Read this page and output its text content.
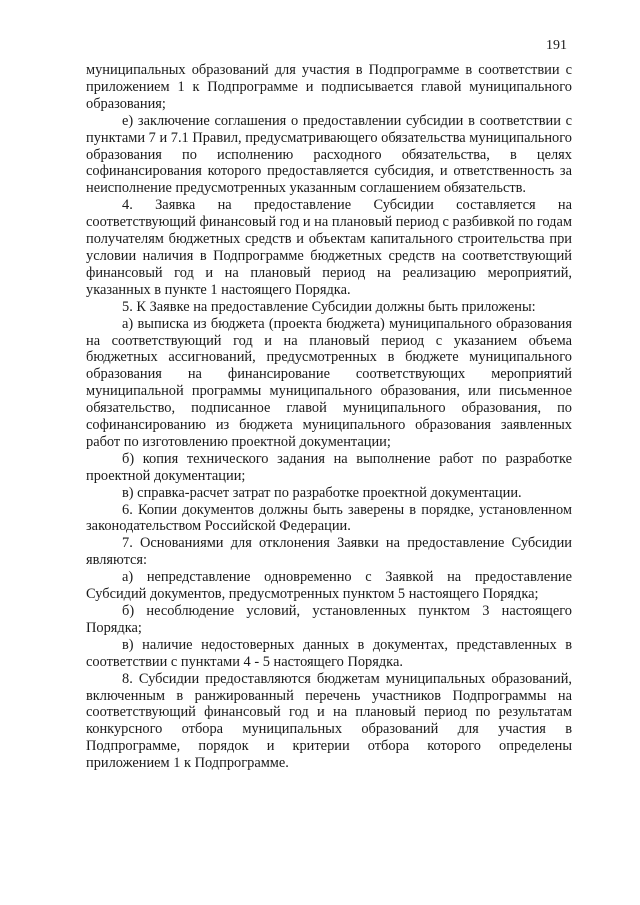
191

муниципальных образований для участия в Подпрограмме в соответствии с приложением 1 к Подпрограмме и подписывается главой муниципального образования;

е) заключение соглашения о предоставлении субсидии в соответствии с пунктами 7 и 7.1 Правил, предусматривающего обязательства муниципального образования по исполнению расходного обязательства, в целях софинансирования которого предоставляется субсидия, и ответственность за неисполнение предусмотренных указанным соглашением обязательств.

4. Заявка на предоставление Субсидии составляется на соответствующий финансовый год и на плановый период с разбивкой по годам получателям бюджетных средств и объектам капитального строительства при условии наличия в Подпрограмме бюджетных средств на соответствующий финансовый год и на плановый период на реализацию мероприятий, указанных в пункте 1 настоящего Порядка.

5. К Заявке на предоставление Субсидии должны быть приложены:

а) выписка из бюджета (проекта бюджета) муниципального образования на соответствующий год и на плановый период с указанием объема бюджетных ассигнований, предусмотренных в бюджете муниципального образования на финансирование соответствующих мероприятий муниципальной программы муниципального образования, или письменное обязательство, подписанное главой муниципального образования, по софинансированию из бюджета муниципального образования заявленных работ по изготовлению проектной документации;

б) копия технического задания на выполнение работ по разработке проектной документации;

в) справка-расчет затрат по разработке проектной документации.

6. Копии документов должны быть заверены в порядке, установленном законодательством Российской Федерации.

7. Основаниями для отклонения Заявки на предоставление Субсидии являются:

а) непредставление одновременно с Заявкой на предоставление Субсидий документов, предусмотренных пунктом 5 настоящего Порядка;

б) несоблюдение условий, установленных пунктом 3 настоящего Порядка;

в) наличие недостоверных данных в документах, представленных в соответствии с пунктами 4 - 5 настоящего Порядка.

8. Субсидии предоставляются бюджетам муниципальных образований, включенным в ранжированный перечень участников Подпрограммы на соответствующий финансовый год и на плановый период по результатам конкурсного отбора муниципальных образований для участия в Подпрограмме, порядок и критерии отбора которого определены приложением 1 к Подпрограмме.
